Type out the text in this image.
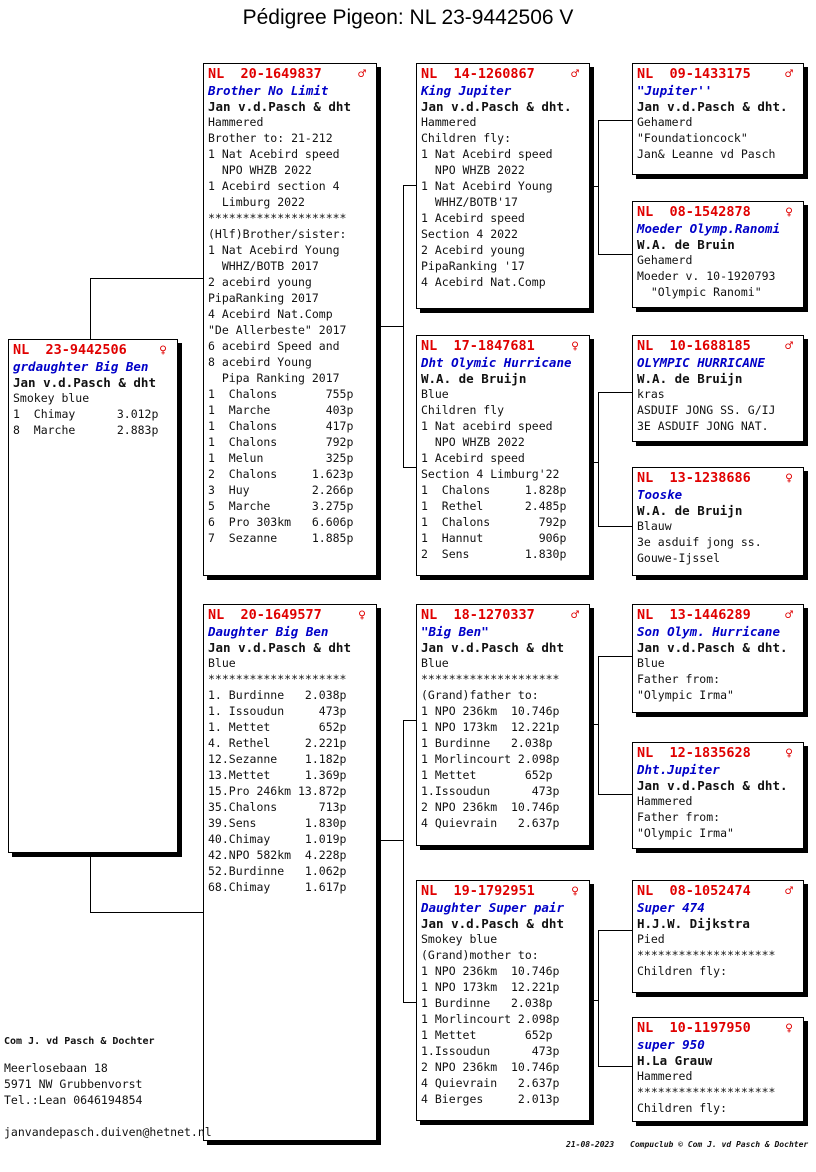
Pédigree Pigeon: NL 23-9442506 V
NL 23-9442506 ♀
grdaughter Big Ben
Jan v.d.Pasch & dht
Smokey blue
1  Chimay      3.012p
8  Marche      2.883p
NL 20-1649837	♂
Brother No Limit
Jan v.d.Pasch & dht
Hammered
Brother to: 21-212
1 Nat Acebird speed
NPO WHZB 2022
1 Acebird section 4
Limburg 2022
********************
(Hlf)Brother/sister:
1 Nat Acebird Young
WHHZ/BOTB 2017
2 acebird young
PipaRanking 2017
4 Acebird Nat.Comp
"De Allerbeste" 2017
6 acebird Speed and
8 acebird Young
Pipa Ranking 2017
1  Chalons       755p
1  Marche        403p
1  Chalons       417p
1  Chalons       792p
1  Melun         325p
2  Chalons     1.623p
3  Huy         2.266p
5  Marche      3.275p
6  Pro 303km   6.606p
7  Sezanne     1.885p
NL 20-1649577	♀
Daughter Big Ben
Jan v.d.Pasch & dht
Blue
********************
1. Burdinne   2.038p
1. Issoudun     473p
1. Mettet       652p
4. Rethel     2.221p
12.Sezanne    1.182p
13.Mettet     1.369p
15.Pro 246km 13.872p
35.Chalons      713p
39.Sens       1.830p
40.Chimay     1.019p
42.NPO 582km  4.228p
52.Burdinne   1.062p
68.Chimay     1.617p
NL 14-1260867	♂
King Jupiter
Jan v.d.Pasch & dht.
Hammered
Children fly:
1 Nat Acebird speed
NPO WHZB 2022
1 Nat Acebird Young
WHHZ/BOTB'17
1 Acebird speed
Section 4 2022
2 Acebird young
PipaRanking '17
4 Acebird Nat.Comp
NL 17-1847681	♀
Dht Olymic Hurricane
W.A. de Bruijn
Blue
Children fly
1 Nat acebird speed
NPO WHZB 2022
1 Acebird speed
Section 4 Limburg'22
1  Chalons     1.828p
1  Rethel      2.485p
1  Chalons       792p
1  Hannut        906p
2  Sens        1.830p
NL 18-1270337	♂
"Big Ben"
Jan v.d.Pasch & dht
Blue
********************
(Grand)father to:
1 NPO 236km  10.746p
1 NPO 173km  12.221p
1 Burdinne   2.038p
1 Morlincourt 2.098p
1 Mettet       652p
1.Issoudun      473p
2 NPO 236km  10.746p
4 Quievrain   2.637p
NL 19-1792951	♀
Daughter Super pair
Jan v.d.Pasch & dht
Smokey blue
(Grand)mother to:
1 NPO 236km  10.746p
1 NPO 173km  12.221p
1 Burdinne   2.038p
1 Morlincourt 2.098p
1 Mettet       652p
1.Issoudun      473p
2 NPO 236km  10.746p
4 Quievrain   2.637p
4 Bierges     2.013p
NL 09-1433175	♂
"Jupiter''
Jan v.d.Pasch & dht.
Gehamerd
"Foundationcock"
Jan& Leanne vd Pasch
NL 08-1542878	♀
Moeder Olymp.Ranomi
W.A. de Bruin
Gehamerd
Moeder v. 10-1920793
"Olympic Ranomi"
NL 10-1688185	♂
OLYMPIC HURRICANE
W.A. de Bruijn
kras
ASDUIF JONG SS. G/IJ
3E ASDUIF JONG NAT.
NL 13-1238686	♀
Tooske
W.A. de Bruijn
Blauw
3e asduif jong ss.
Gouwe-Ijssel
NL 13-1446289	♂
Son Olym. Hurricane
Jan v.d.Pasch & dht.
Blue
Father from:
"Olympic Irma"
NL 12-1835628	♀
Dht.Jupiter
Jan v.d.Pasch & dht.
Hammered
Father from:
"Olympic Irma"
NL 08-1052474	♂
Super 474
H.J.W. Dijkstra
Pied
********************
Children fly:
NL 10-1197950	♀
super 950
H.La Grauw
Hammered
********************
Children fly:
Com J. vd Pasch & Dochter
Meerlosebaan 18
5971 NW Grubbenvorst
Tel.:Lean 0646194854
janvandepasch.duiven@hetnet.nl
21-08-2023 Compuclub © Com J. vd Pasch & Dochter
